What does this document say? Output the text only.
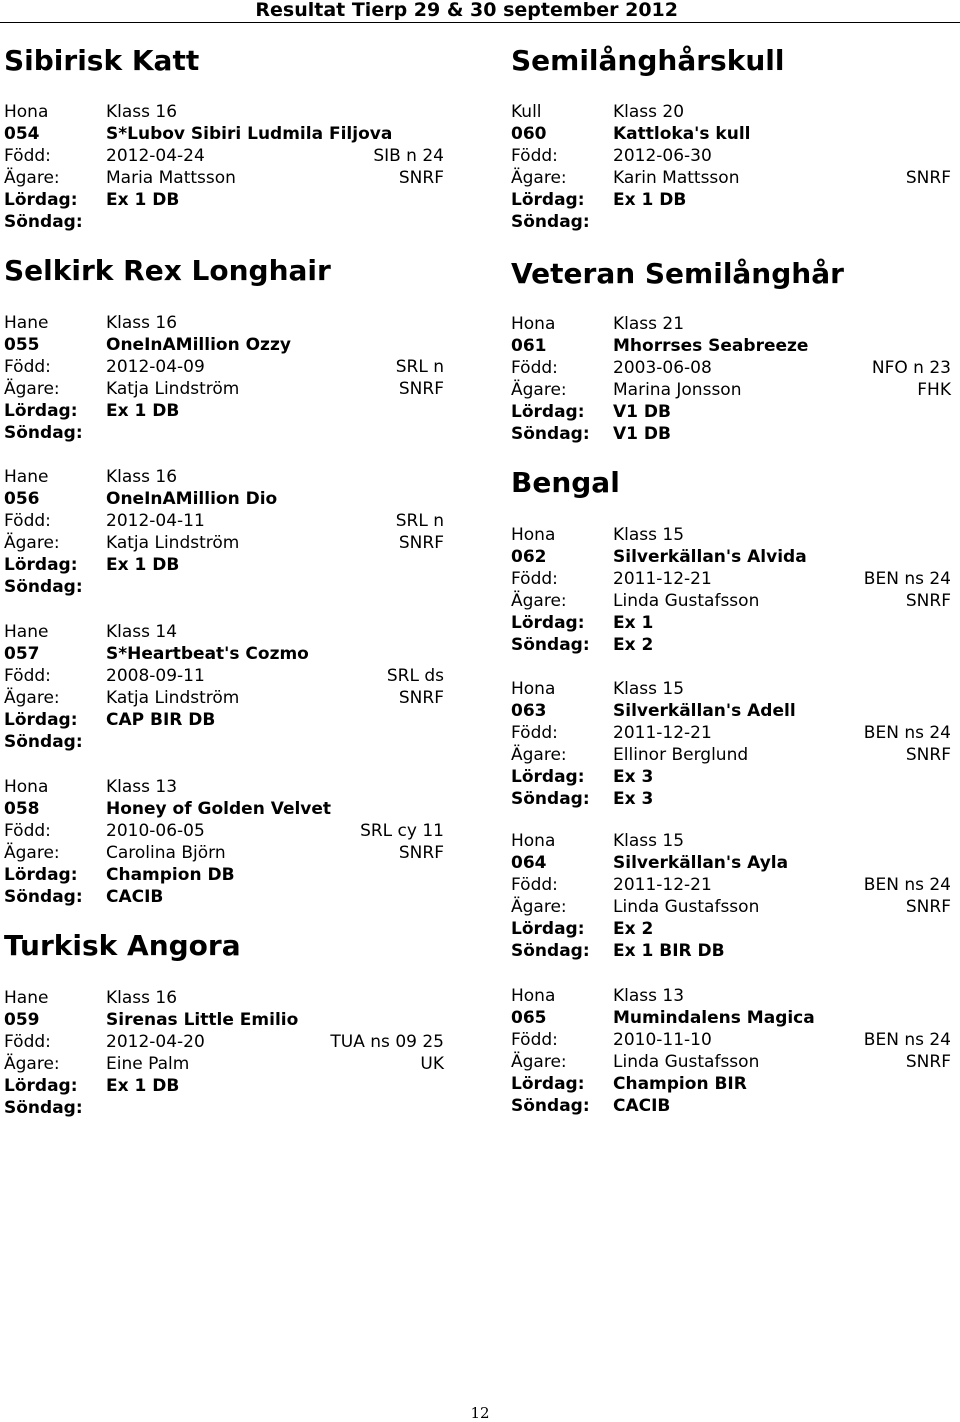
Resultat Tierp 29 & 30 september 2012
Sibirisk Katt
Hona	Klass 16
054	S*Lubov Sibiri Ludmila Filjova
Född:	2012-04-24	SIB n 24
Ägare:	Maria Mattsson	SNRF
Lördag: Ex 1 DB
Söndag:
Selkirk Rex Longhair
Hane	Klass 16
055	OneInAMillion Ozzy
Född:	2012-04-09	SRL n
Ägare:	Katja Lindström	SNRF
Lördag: Ex 1 DB
Söndag:
Hane	Klass 16
056	OneInAMillion Dio
Född:	2012-04-11	SRL n
Ägare:	Katja Lindström	SNRF
Lördag: Ex 1 DB
Söndag:
Hane	Klass 14
057	S*Heartbeat's Cozmo
Född:	2008-09-11	SRL ds
Ägare:	Katja Lindström	SNRF
Lördag: CAP BIR DB
Söndag:
Hona	Klass 13
058	Honey of Golden Velvet
Född:	2010-06-05	SRL cy 11
Ägare:	Carolina Björn	SNRF
Lördag: Champion DB
Söndag: CACIB
Turkisk Angora
Hane	Klass 16
059	Sirenas Little Emilio
Född:	2012-04-20	TUA ns 09 25
Ägare:	Eine Palm	UK
Lördag: Ex 1 DB
Söndag:
Semilånghårskull
Kull	Klass 20
060	Kattloka's kull
Född:	2012-06-30
Ägare:	Karin Mattsson	SNRF
Lördag: Ex 1 DB
Söndag:
Veteran Semilånghår
Hona	Klass 21
061	Mhorrses Seabreeze
Född:	2003-06-08	NFO n 23
Ägare:	Marina Jonsson	FHK
Lördag: V1 DB
Söndag: V1 DB
Bengal
Hona	Klass 15
062	Silverkällan's Alvida
Född:	2011-12-21	BEN ns 24
Ägare:	Linda Gustafsson	SNRF
Lördag: Ex 1
Söndag: Ex 2
Hona	Klass 15
063	Silverkällan's Adell
Född:	2011-12-21	BEN ns 24
Ägare:	Ellinor Berglund	SNRF
Lördag: Ex 3
Söndag: Ex 3
Hona	Klass 15
064	Silverkällan's Ayla
Född:	2011-12-21	BEN ns 24
Ägare:	Linda Gustafsson	SNRF
Lördag: Ex 2
Söndag: Ex 1 BIR DB
Hona	Klass 13
065	Mumindalens Magica
Född:	2010-11-10	BEN ns 24
Ägare:	Linda Gustafsson	SNRF
Lördag: Champion BIR
Söndag: CACIB
12
